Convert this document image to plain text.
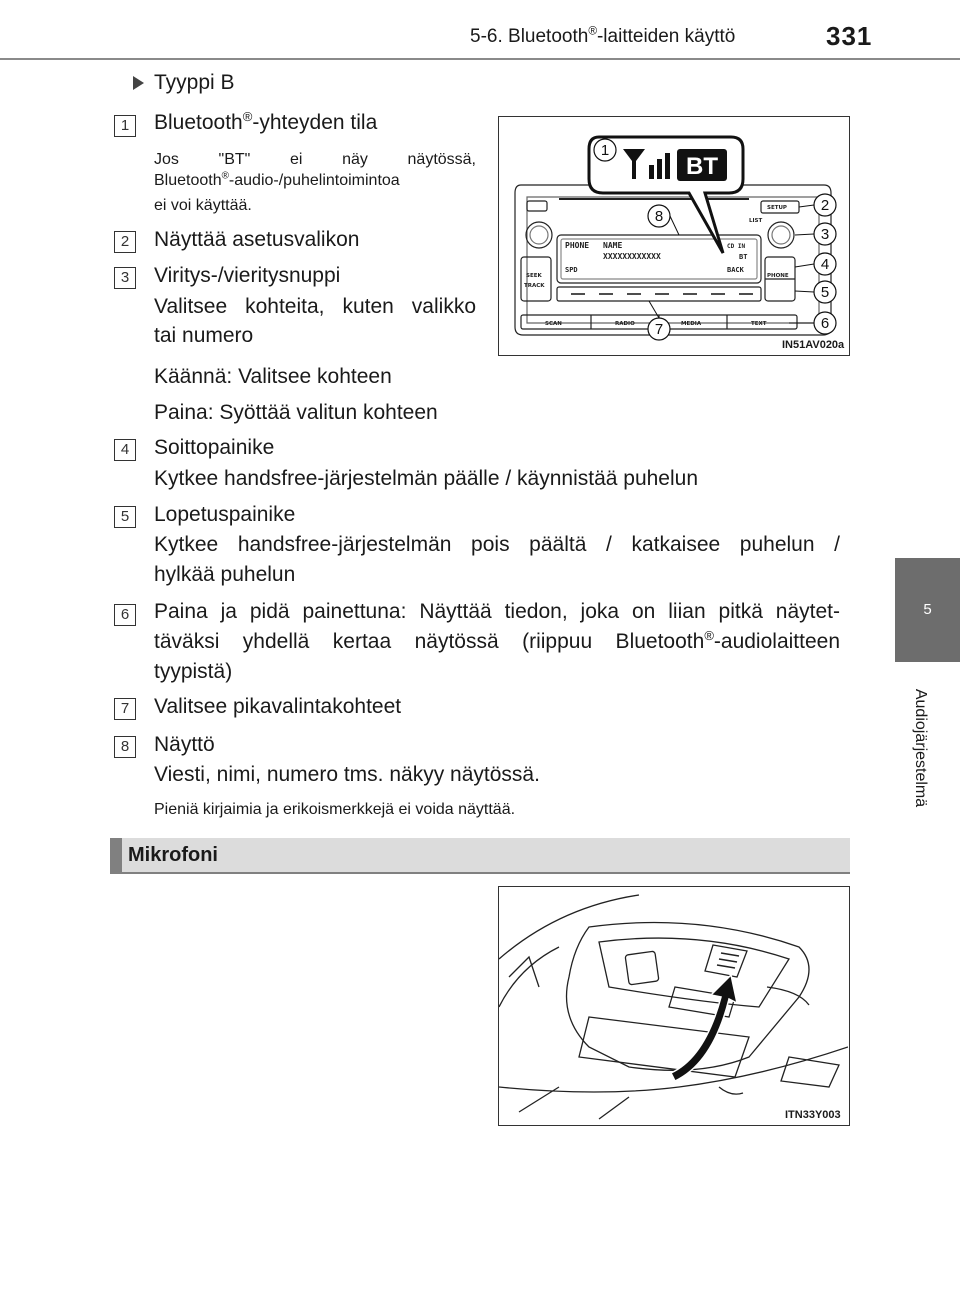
5-6. Bluetooth®-laitteiden käyttö	331
5
Audiojärjestelmä
Tyyppi B
1	Bluetooth®-yhteyden tila
Jos "BT" ei näy näytössä,
Bluetooth®-audio-/puhelintoimintoa
ei voi käyttää.
2	Näyttää asetusvalikon
3	Viritys-/vieritysnuppi
Valitsee kohteita, kuten valikko
tai numero
Käännä: Valitsee kohteen
Paina: Syöttää valitun kohteen
4	Soittopainike
Kytkee handsfree-järjestelmän päälle / käynnistää puhelun
5	Lopetuspainike
Kytkee handsfree-järjestelmän pois päältä / katkaisee puhelun /
hylkää puhelun
6	Paina ja pidä painettuna: Näyttää tiedon, joka on liian pitkä näytet-
täväksi yhdellä kertaa näytössä (riippuu Bluetooth®-audiolaitteen
tyypistä)
7	Valitsee pikavalintakohteet
8	Näyttö
Viesti, nimi, numero tms. näkyy näytössä.
Pieniä kirjaimia ja erikoismerkkejä ei voida näyttää.
Mikrofoni
PHONE NAME
XXXXXXXXXXXX
SPD	BACK
CD IN
BT
SETUP
LIST
SEEK
TRACK
PHONE
SCAN	RADIO	MEDIA	TEXT
BT
1
2
3
4
5
6
7
8
IN51AV020a
ITN33Y003
